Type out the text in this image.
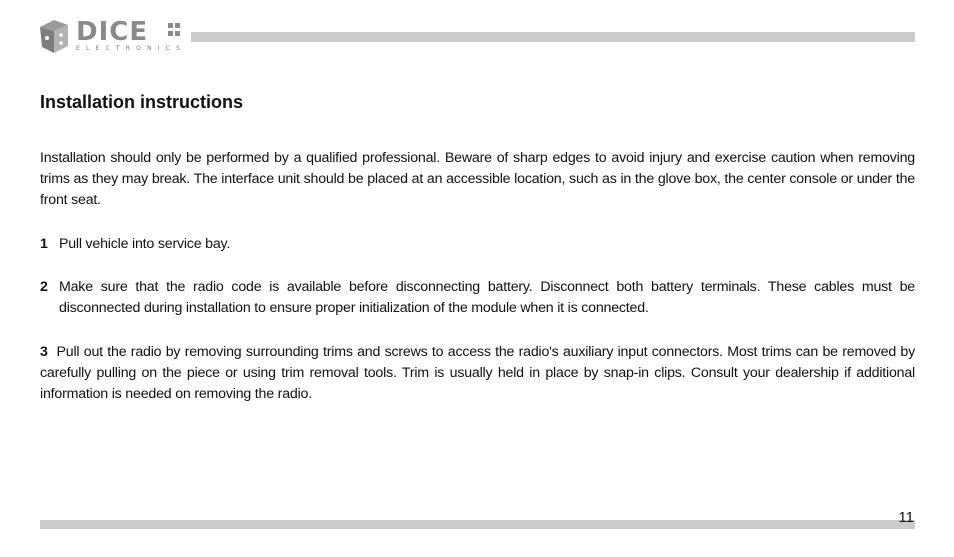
DICE
ELECTRONICS
Installation instructions

Installation should only be performed by a qualified professional. Beware of sharp edges to avoid injury and exercise caution when removing trims as they may break. The interface unit should be placed at an accessible location, such as in the glove box, the center console or under the front seat.

1 Pull vehicle into service bay.

2 Make sure that the radio code is available before disconnecting battery. Disconnect both battery terminals. These cables must be disconnected during installation to ensure proper initialization of the module when it is connected.

3 Pull out the radio by removing surrounding trims and screws to access the radio's auxiliary input connectors. Most trims can be removed by carefully pulling on the piece or using trim removal tools. Trim is usually held in place by snap-in clips. Consult your dealership if additional information is needed on removing the radio.

11
